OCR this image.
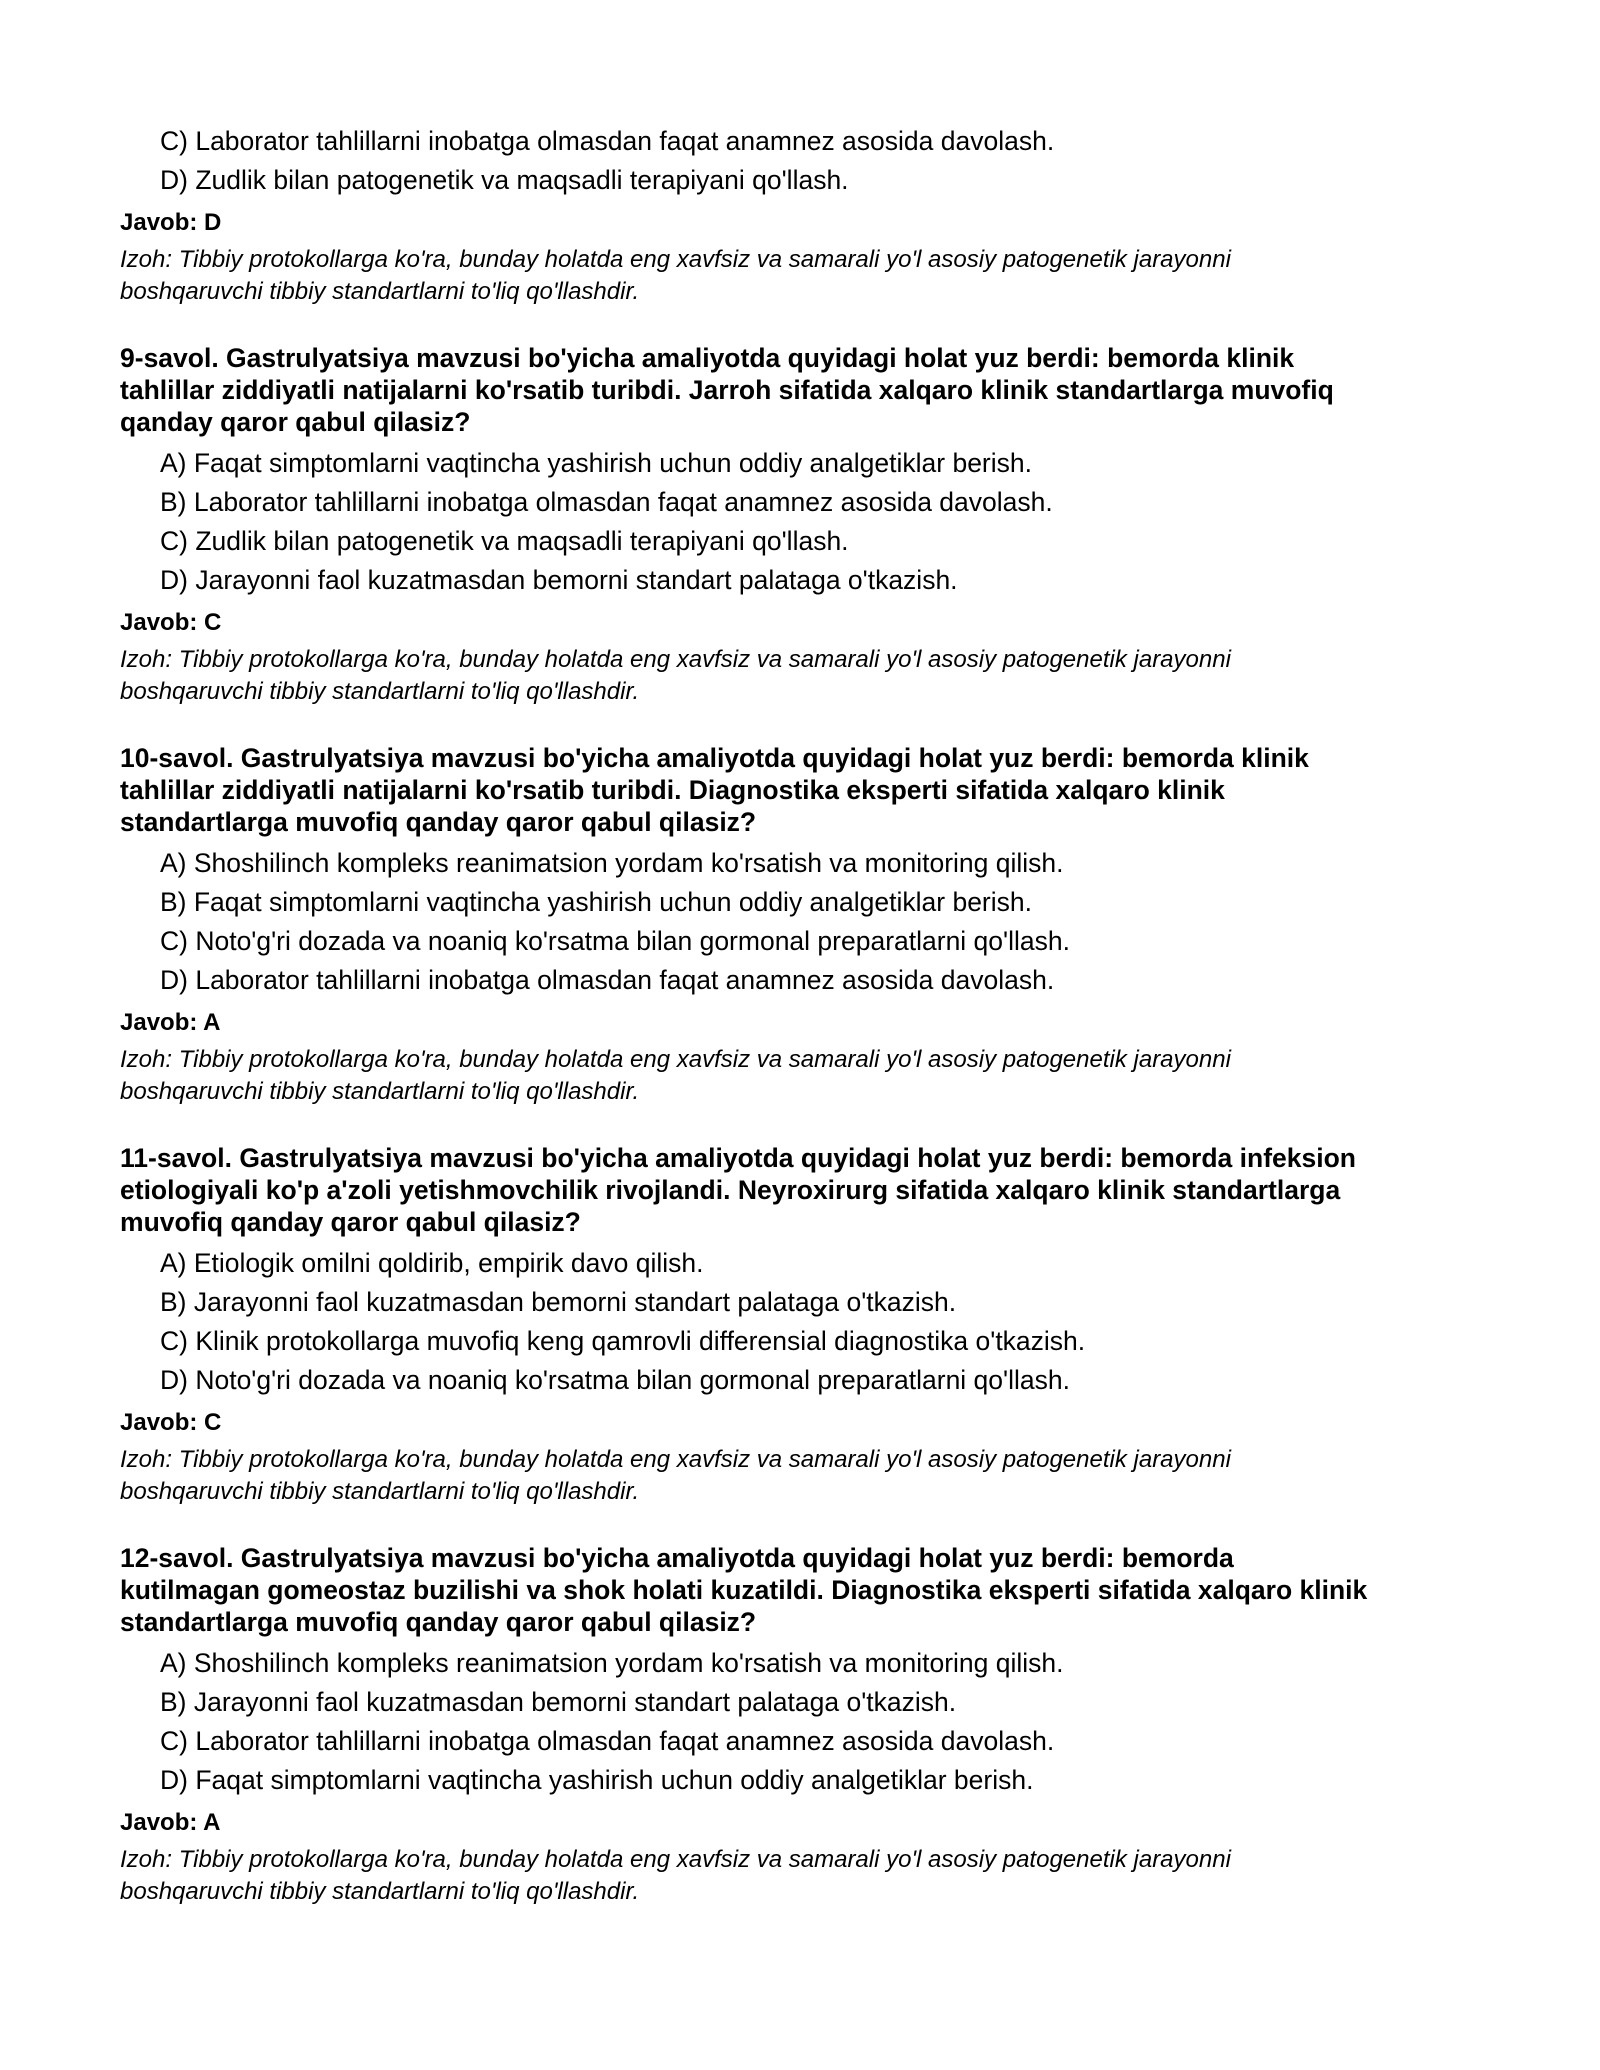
C) Laborator tahlillarni inobatga olmasdan faqat anamnez asosida davolash.
D) Zudlik bilan patogenetik va maqsadli terapiyani qo'llash.
Javob: D
Izoh: Tibbiy protokollarga ko'ra, bunday holatda eng xavfsiz va samarali yo'l asosiy patogenetik jarayonni
boshqaruvchi tibbiy standartlarni to'liq qo'llashdir.
9-savol. Gastrulyatsiya mavzusi bo'yicha amaliyotda quyidagi holat yuz berdi: bemorda klinik
tahlillar ziddiyatli natijalarni ko'rsatib turibdi. Jarroh sifatida xalqaro klinik standartlarga muvofiq
qanday qaror qabul qilasiz?
A) Faqat simptomlarni vaqtincha yashirish uchun oddiy analgetiklar berish.
B) Laborator tahlillarni inobatga olmasdan faqat anamnez asosida davolash.
C) Zudlik bilan patogenetik va maqsadli terapiyani qo'llash.
D) Jarayonni faol kuzatmasdan bemorni standart palataga o'tkazish.
Javob: C
Izoh: Tibbiy protokollarga ko'ra, bunday holatda eng xavfsiz va samarali yo'l asosiy patogenetik jarayonni
boshqaruvchi tibbiy standartlarni to'liq qo'llashdir.
10-savol. Gastrulyatsiya mavzusi bo'yicha amaliyotda quyidagi holat yuz berdi: bemorda klinik
tahlillar ziddiyatli natijalarni ko'rsatib turibdi. Diagnostika eksperti sifatida xalqaro klinik
standartlarga muvofiq qanday qaror qabul qilasiz?
A) Shoshilinch kompleks reanimatsion yordam ko'rsatish va monitoring qilish.
B) Faqat simptomlarni vaqtincha yashirish uchun oddiy analgetiklar berish.
C) Noto'g'ri dozada va noaniq ko'rsatma bilan gormonal preparatlarni qo'llash.
D) Laborator tahlillarni inobatga olmasdan faqat anamnez asosida davolash.
Javob: A
Izoh: Tibbiy protokollarga ko'ra, bunday holatda eng xavfsiz va samarali yo'l asosiy patogenetik jarayonni
boshqaruvchi tibbiy standartlarni to'liq qo'llashdir.
11-savol. Gastrulyatsiya mavzusi bo'yicha amaliyotda quyidagi holat yuz berdi: bemorda infeksion
etiologiyali ko'p a'zoli yetishmovchilik rivojlandi. Neyroxirurg sifatida xalqaro klinik standartlarga
muvofiq qanday qaror qabul qilasiz?
A) Etiologik omilni qoldirib, empirik davo qilish.
B) Jarayonni faol kuzatmasdan bemorni standart palataga o'tkazish.
C) Klinik protokollarga muvofiq keng qamrovli differensial diagnostika o'tkazish.
D) Noto'g'ri dozada va noaniq ko'rsatma bilan gormonal preparatlarni qo'llash.
Javob: C
Izoh: Tibbiy protokollarga ko'ra, bunday holatda eng xavfsiz va samarali yo'l asosiy patogenetik jarayonni
boshqaruvchi tibbiy standartlarni to'liq qo'llashdir.
12-savol. Gastrulyatsiya mavzusi bo'yicha amaliyotda quyidagi holat yuz berdi: bemorda
kutilmagan gomeostaz buzilishi va shok holati kuzatildi. Diagnostika eksperti sifatida xalqaro klinik
standartlarga muvofiq qanday qaror qabul qilasiz?
A) Shoshilinch kompleks reanimatsion yordam ko'rsatish va monitoring qilish.
B) Jarayonni faol kuzatmasdan bemorni standart palataga o'tkazish.
C) Laborator tahlillarni inobatga olmasdan faqat anamnez asosida davolash.
D) Faqat simptomlarni vaqtincha yashirish uchun oddiy analgetiklar berish.
Javob: A
Izoh: Tibbiy protokollarga ko'ra, bunday holatda eng xavfsiz va samarali yo'l asosiy patogenetik jarayonni
boshqaruvchi tibbiy standartlarni to'liq qo'llashdir.
